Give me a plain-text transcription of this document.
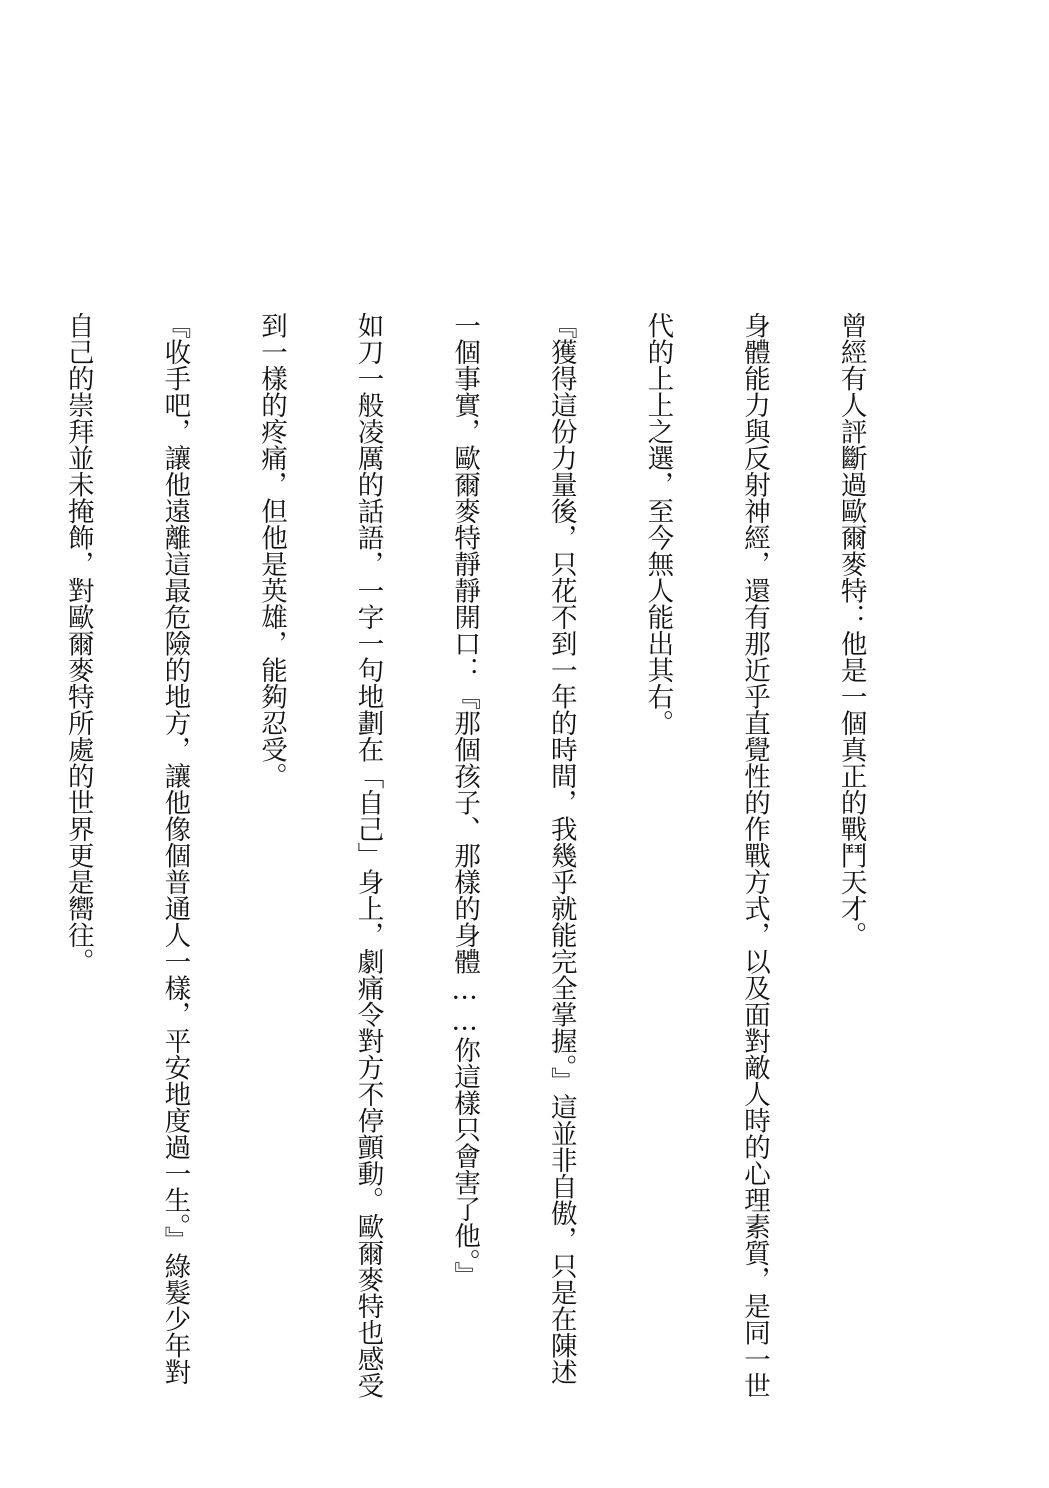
曾經有人評斷過歐爾麥特：他是一個真正的戰鬥天才。

身體能力與反射神經，還有那近乎直覺性的作戰方式，以及面對敵人時的心理素質，是同一世

代的上上之選，至今無人能出其右。

『獲得這份力量後，只花不到一年的時間，我幾乎就能完全掌握。』這並非自傲，只是在陳述

一個事實，歐爾麥特靜靜開口：『那個孩子、那樣的身體……你這樣只會害了他。』

如刀一般凌厲的話語，一字一句地劃在「自己」身上，劇痛令對方不停顫動。歐爾麥特也感受

到一樣的疼痛，但他是英雄，能夠忍受。

『收手吧，讓他遠離這最危險的地方，讓他像個普通人一樣，平安地度過一生。』綠髮少年對

自己的崇拜並未掩飾，對歐爾麥特所處的世界更是嚮往。
